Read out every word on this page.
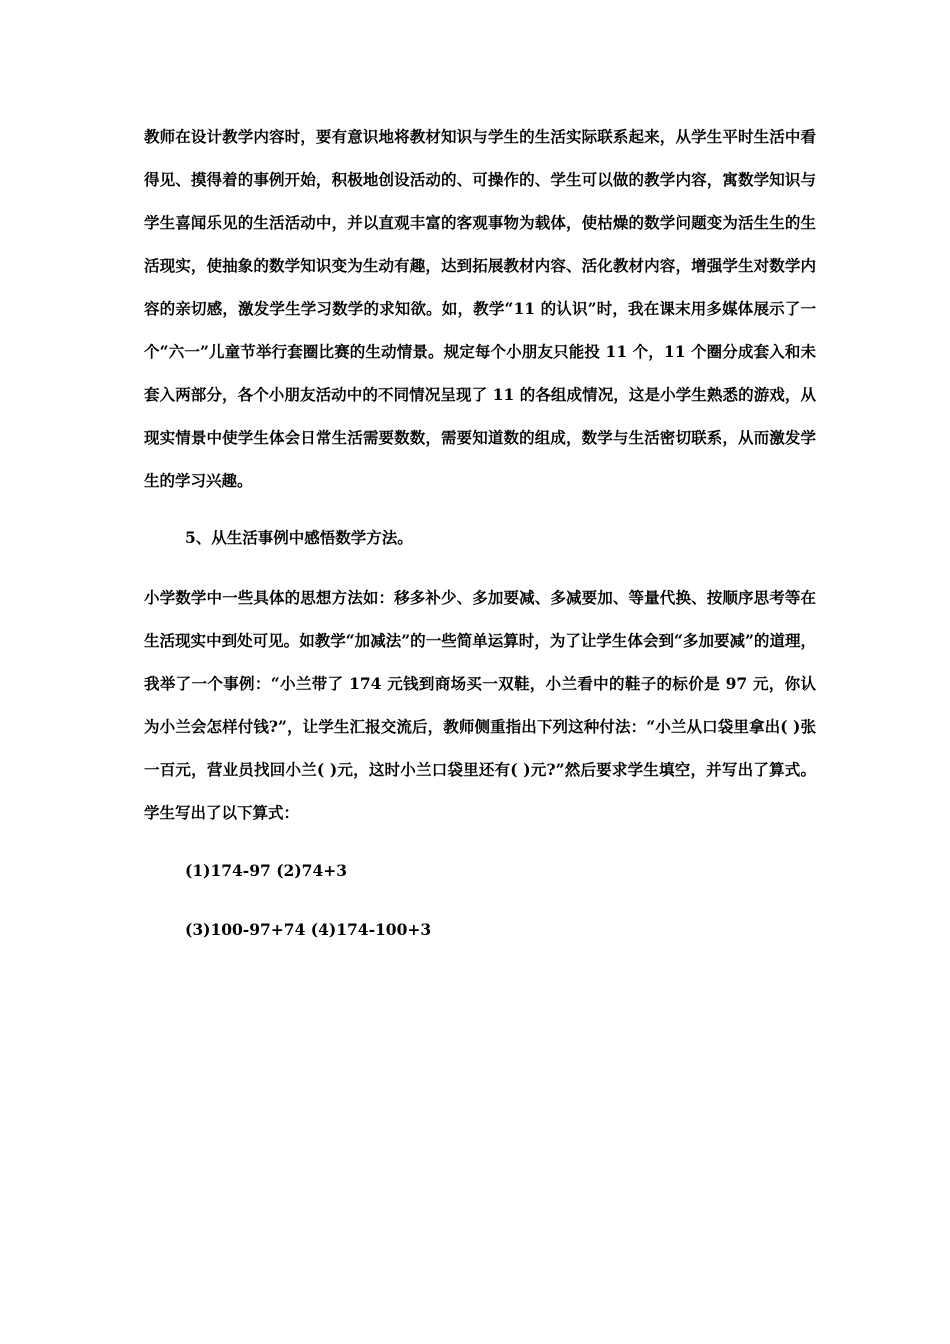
教师在设计教学内容时，要有意识地将教材知识与学生的生活实际联系起来，从学生平时生活中看得见、摸得着的事例开始，积极地创设活动的、可操作的、学生可以做的教学内容，寓数学知识与学生喜闻乐见的生活活动中，并以直观丰富的客观事物为载体，使枯燥的数学问题变为活生生的生活现实，使抽象的数学知识变为生动有趣，达到拓展教材内容、活化教材内容，增强学生对数学内容的亲切感，激发学生学习数学的求知欲。如，教学“11 的认识”时，我在课末用多媒体展示了一个“六一”儿童节举行套圈比赛的生动情景。规定每个小朋友只能投 11 个，11 个圈分成套入和未套入两部分，各个小朋友活动中的不同情况呈现了 11 的各组成情况，这是小学生熟悉的游戏，从现实情景中使学生体会日常生活需要数数，需要知道数的组成，数学与生活密切联系，从而激发学生的学习兴趣。
5、从生活事例中感悟数学方法。
小学数学中一些具体的思想方法如：移多补少、多加要减、多减要加、等量代换、按顺序思考等在生活现实中到处可见。如教学“加减法”的一些简单运算时，为了让学生体会到“多加要减”的道理，我举了一个事例：“小兰带了 174 元钱到商场买一双鞋，小兰看中的鞋子的标价是 97 元，你认为小兰会怎样付钱?”，让学生汇报交流后，教师侧重指出下列这种付法：“小兰从口袋里拿出( )张一百元，营业员找回小兰( )元，这时小兰口袋里还有( )元?”然后要求学生填空，并写出了算式。学生写出了以下算式：
(1)174-97 (2)74+3
(3)100-97+74 (4)174-100+3
